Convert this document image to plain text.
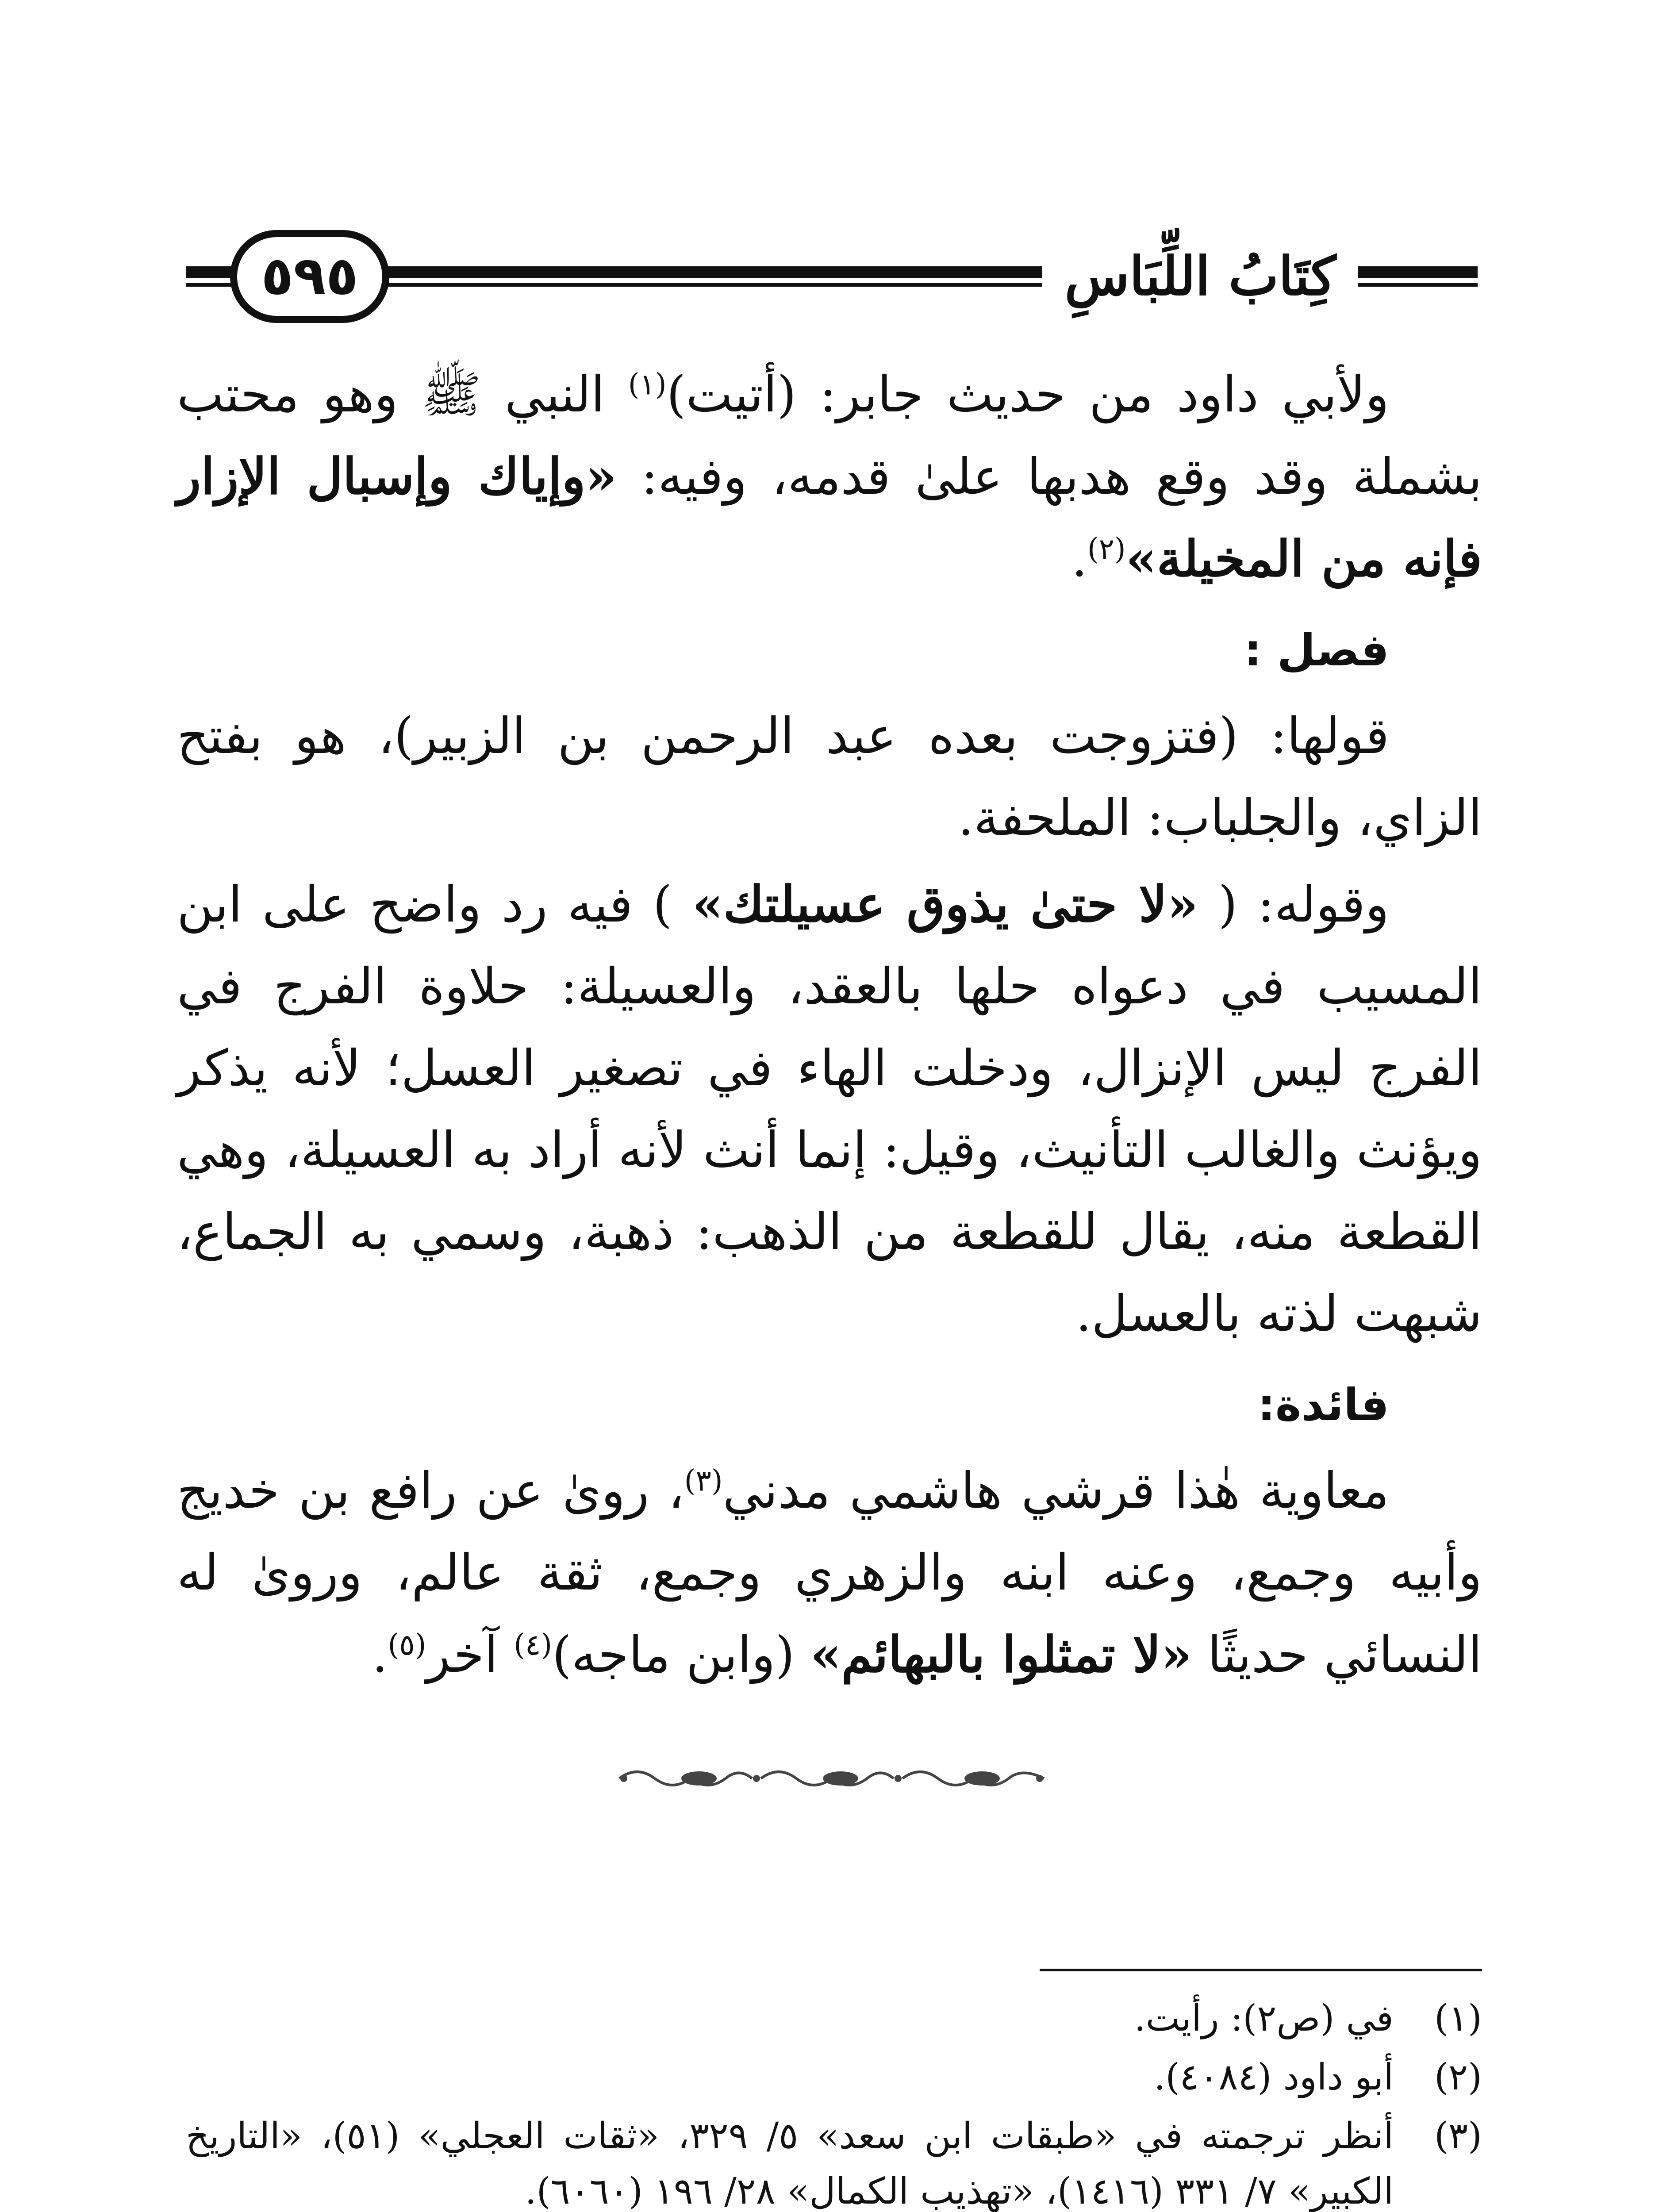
٥٩٥	كِتَابُ اللِّبَاسِ

ولأبي داود من حديث جابر: (أتيت)$^{(١)}$ النبي ﷺ وهو محتب بشملة وقد وقع هدبها علىٰ قدمه، وفيه: «وإياك وإسبال الإزار فإنه من المخيلة»$^{(٢)}$.

فصل :

قولها: (فتزوجت بعده عبد الرحمن بن الزبير)، هو بفتح الزاي، والجلباب: الملحفة.

وقوله: ( «لا حتىٰ يذوق عسيلتك» ) فيه رد واضح على ابن المسيب في دعواه حلها بالعقد، والعسيلة: حلاوة الفرج في الفرج ليس الإنزال، ودخلت الهاء في تصغير العسل؛ لأنه يذكر ويؤنث والغالب التأنيث، وقيل: إنما أنث لأنه أراد به العسيلة، وهي القطعة منه، يقال للقطعة من الذهب: ذهبة، وسمي به الجماع، شبهت لذته بالعسل.

فائدة:

معاوية هٰذا قرشي هاشمي مدني$^{(٣)}$، روىٰ عن رافع بن خديج وأبيه وجمع، وعنه ابنه والزهري وجمع، ثقة عالم، وروىٰ له النسائي حديثًا «لا تمثلوا بالبهائم» (وابن ماجه)$^{(٤)}$ آخر$^{(٥)}$.

(١)
في (ص٢): رأيت.
(٢)
أبو داود (٤٠٨٤).
(٣)
أنظر ترجمته في «طبقات ابن سعد» ٥/ ٣٢٩، «ثقات العجلي» (٥١)، «التاريخ الكبير» ٧/ ٣٣١ (١٤١٦)، «تهذيب الكمال» ٢٨/ ١٩٦ (٦٠٦٠).
